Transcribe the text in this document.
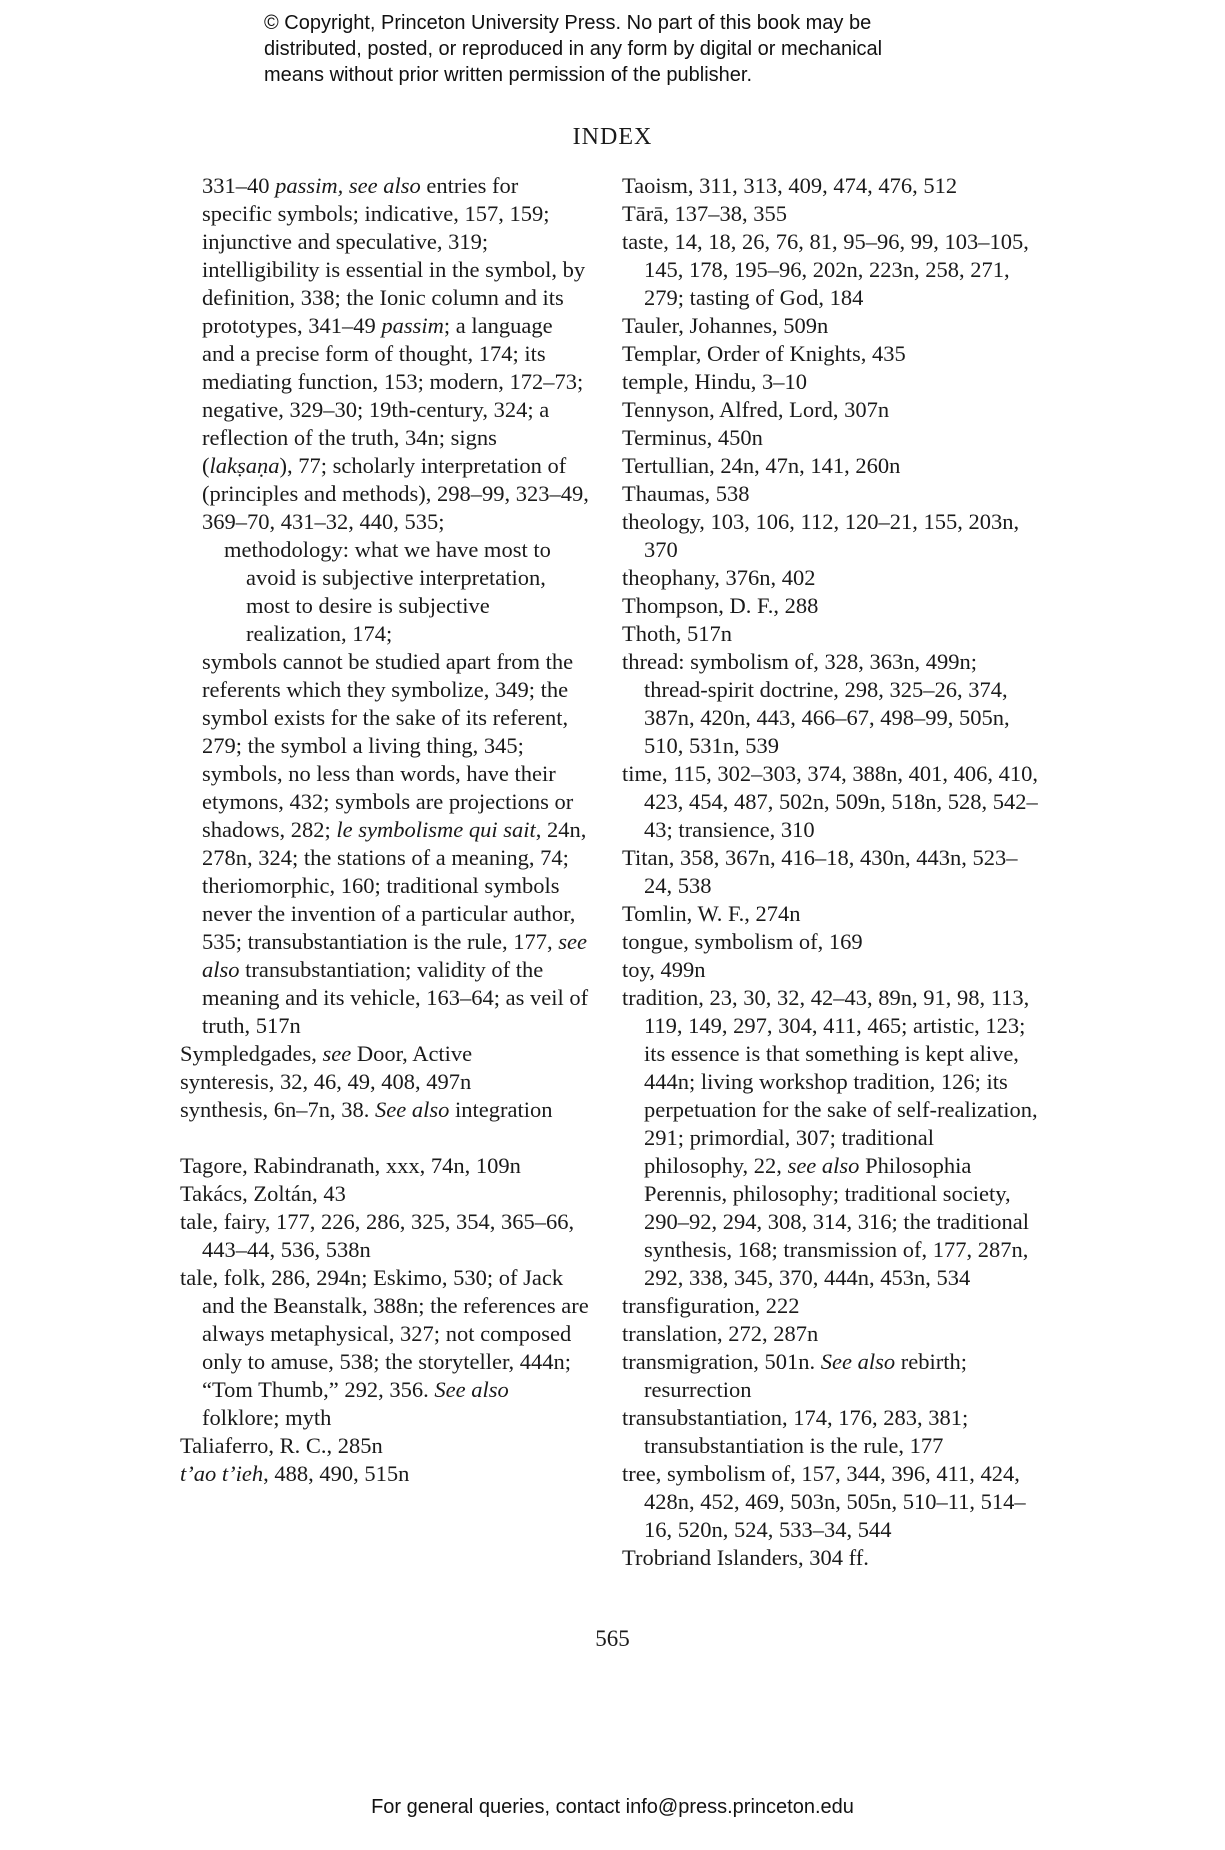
© Copyright, Princeton University Press. No part of this book may be
distributed, posted, or reproduced in any form by digital or mechanical
means without prior written permission of the publisher.
INDEX
331–40 passim, see also entries for specific symbols; indicative, 157, 159; injunctive and speculative, 319; intelligibility is essential in the symbol, by definition, 338; the Ionic column and its prototypes, 341–49 passim; a language and a precise form of thought, 174; its mediating function, 153; modern, 172–73; negative, 329–30; 19th-century, 324; a reflection of the truth, 34n; signs (lakṣaṇa), 77; scholarly interpretation of (principles and methods), 298–99, 323–49, 369–70, 431–32, 440, 535;
methodology: what we have most to avoid is subjective interpretation, most to desire is subjective realization, 174;
symbols cannot be studied apart from the referents which they symbolize, 349; the symbol exists for the sake of its referent, 279; the symbol a living thing, 345; symbols, no less than words, have their etymons, 432; symbols are projections or shadows, 282; le symbolisme qui sait, 24n, 278n, 324; the stations of a meaning, 74; theriomorphic, 160; traditional symbols never the invention of a particular author, 535; transubstantiation is the rule, 177, see also transubstantiation; validity of the meaning and its vehicle, 163–64; as veil of truth, 517n
Sympledgades, see Door, Active
synteresis, 32, 46, 49, 408, 497n
synthesis, 6n–7n, 38. See also integration
Tagore, Rabindranath, xxx, 74n, 109n
Takács, Zoltán, 43
tale, fairy, 177, 226, 286, 325, 354, 365–66, 443–44, 536, 538n
tale, folk, 286, 294n; Eskimo, 530; of Jack and the Beanstalk, 388n; the references are always metaphysical, 327; not composed only to amuse, 538; the storyteller, 444n; “Tom Thumb,” 292, 356. See also folklore; myth
Taliaferro, R. C., 285n
t’ao t’ieh, 488, 490, 515n
Taoism, 311, 313, 409, 474, 476, 512
Tārā, 137–38, 355
taste, 14, 18, 26, 76, 81, 95–96, 99, 103–105, 145, 178, 195–96, 202n, 223n, 258, 271, 279; tasting of God, 184
Tauler, Johannes, 509n
Templar, Order of Knights, 435
temple, Hindu, 3–10
Tennyson, Alfred, Lord, 307n
Terminus, 450n
Tertullian, 24n, 47n, 141, 260n
Thaumas, 538
theology, 103, 106, 112, 120–21, 155, 203n, 370
theophany, 376n, 402
Thompson, D. F., 288
Thoth, 517n
thread: symbolism of, 328, 363n, 499n; thread-spirit doctrine, 298, 325–26, 374, 387n, 420n, 443, 466–67, 498–99, 505n, 510, 531n, 539
time, 115, 302–303, 374, 388n, 401, 406, 410, 423, 454, 487, 502n, 509n, 518n, 528, 542–43; transience, 310
Titan, 358, 367n, 416–18, 430n, 443n, 523–24, 538
Tomlin, W. F., 274n
tongue, symbolism of, 169
toy, 499n
tradition, 23, 30, 32, 42–43, 89n, 91, 98, 113, 119, 149, 297, 304, 411, 465; artistic, 123; its essence is that something is kept alive, 444n; living workshop tradition, 126; its perpetuation for the sake of self-realization, 291; primordial, 307; traditional philosophy, 22, see also Philosophia Perennis, philosophy; traditional society, 290–92, 294, 308, 314, 316; the traditional synthesis, 168; transmission of, 177, 287n, 292, 338, 345, 370, 444n, 453n, 534
transfiguration, 222
translation, 272, 287n
transmigration, 501n. See also rebirth; resurrection
transubstantiation, 174, 176, 283, 381; transubstantiation is the rule, 177
tree, symbolism of, 157, 344, 396, 411, 424, 428n, 452, 469, 503n, 505n, 510–11, 514–16, 520n, 524, 533–34, 544
Trobriand Islanders, 304 ff.
565
For general queries, contact info@press.princeton.edu
